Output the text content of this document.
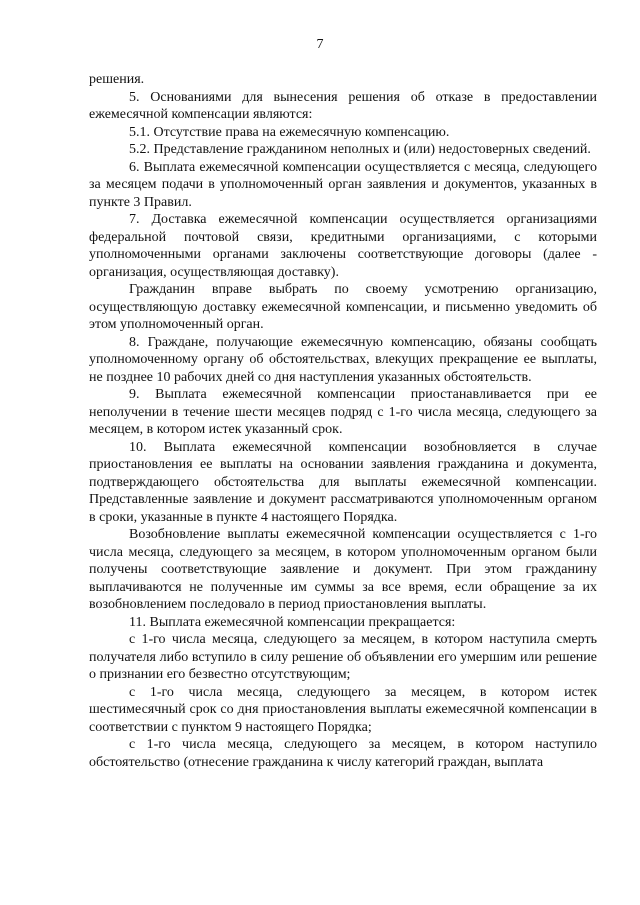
7

решения.

5. Основаниями для вынесения решения об отказе в предоставлении ежемесячной компенсации являются:

5.1. Отсутствие права на ежемесячную компенсацию.

5.2. Представление гражданином неполных и (или) недостоверных сведений.

6. Выплата ежемесячной компенсации осуществляется с месяца, следующего за месяцем подачи в уполномоченный орган заявления и документов, указанных в пункте 3 Правил.

7. Доставка ежемесячной компенсации осуществляется организациями федеральной почтовой связи, кредитными организациями, с которыми уполномоченными органами заключены соответствующие договоры (далее - организация, осуществляющая доставку).

Гражданин вправе выбрать по своему усмотрению организацию, осуществляющую доставку ежемесячной компенсации, и письменно уведомить об этом уполномоченный орган.

8. Граждане, получающие ежемесячную компенсацию, обязаны сообщать уполномоченному органу об обстоятельствах, влекущих прекращение ее выплаты, не позднее 10 рабочих дней со дня наступления указанных обстоятельств.

9. Выплата ежемесячной компенсации приостанавливается при ее неполучении в течение шести месяцев подряд с 1-го числа месяца, следующего за месяцем, в котором истек указанный срок.

10. Выплата ежемесячной компенсации возобновляется в случае приостановления ее выплаты на основании заявления гражданина и документа, подтверждающего обстоятельства для выплаты ежемесячной компенсации. Представленные заявление и документ рассматриваются уполномоченным органом в сроки, указанные в пункте 4 настоящего Порядка.

Возобновление выплаты ежемесячной компенсации осуществляется с 1-го числа месяца, следующего за месяцем, в котором уполномоченным органом были получены соответствующие заявление и документ. При этом гражданину выплачиваются не полученные им суммы за все время, если обращение за их возобновлением последовало в период приостановления выплаты.

11. Выплата ежемесячной компенсации прекращается:

с 1-го числа месяца, следующего за месяцем, в котором наступила смерть получателя либо вступило в силу решение об объявлении его умершим или решение о признании его безвестно отсутствующим;

с 1-го числа месяца, следующего за месяцем, в котором истек шестимесячный срок со дня приостановления выплаты ежемесячной компенсации в соответствии с пунктом 9 настоящего Порядка;

с 1-го числа месяца, следующего за месяцем, в котором наступило обстоятельство (отнесение гражданина к числу категорий граждан, выплата
